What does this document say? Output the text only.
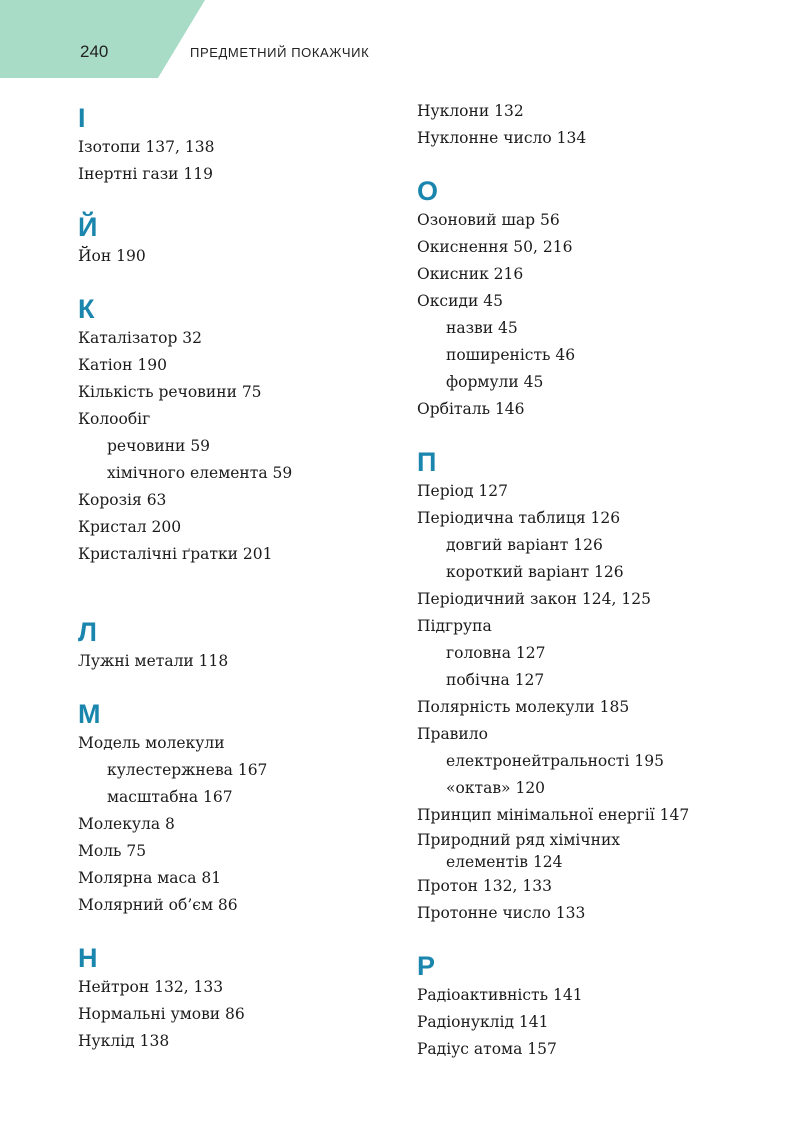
240	ПРЕДМЕТНИЙ ПОКАЖЧИК
І
Ізотопи 137, 138
Інертні гази 119
Й
Йон 190
К
Каталізатор 32
Катіон 190
Кількість речовини 75
Колообіг
речовини 59
хімічного елемента 59
Корозія 63
Кристал 200
Кристалічні ґратки 201
Л
Лужні метали 118
М
Модель молекули
кулестержнева 167
масштабна 167
Молекула 8
Моль 75
Молярна маса 81
Молярний об’єм 86
Н
Нейтрон 132, 133
Нормальні умови 86
Нуклід 138
Нуклони 132
Нуклонне число 134
О
Озоновий шар 56
Окиснення 50, 216
Окисник 216
Оксиди 45
назви 45
поширеність 46
формули 45
Орбіталь 146
П
Період 127
Періодична таблиця 126
довгий варіант 126
короткий варіант 126
Періодичний закон 124, 125
Підгрупа
головна 127
побічна 127
Полярність молекули 185
Правило
електронейтральності 195
«октав» 120
Принцип мінімальної енергії 147
Природний ряд хімічних
елементів 124
Протон 132, 133
Протонне число 133
Р
Радіоактивність 141
Радіонуклід 141
Радіус атома 157
